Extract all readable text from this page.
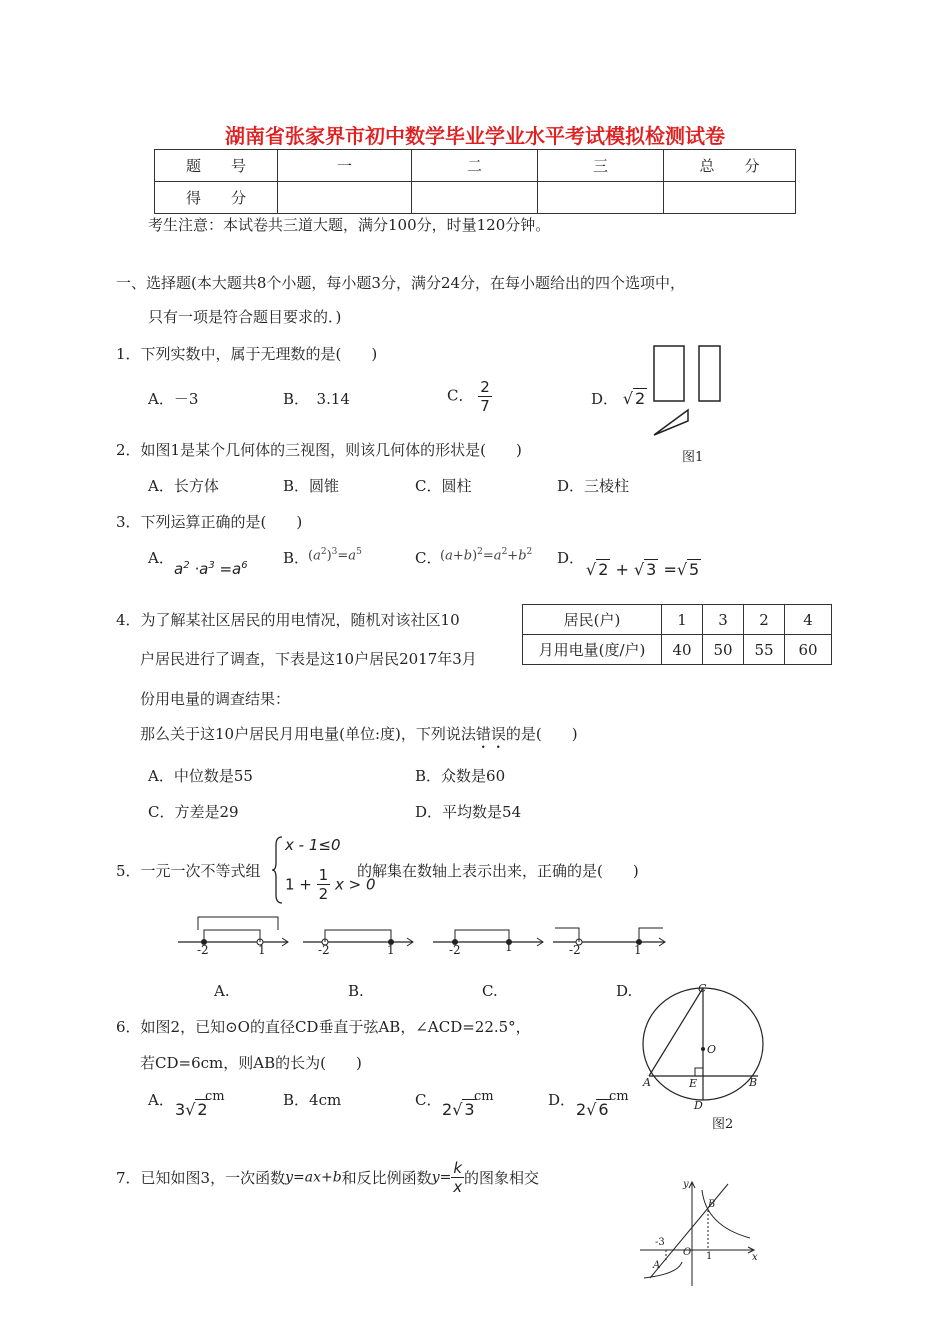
湖南省张家界市初中数学毕业学业水平考试模拟检测试卷
题　　号	一	二	三	总　　分
得　　分				
考生注意：本试卷共三道大题，满分100分，时量120分钟。
一、选择题(本大题共8个小题，每小题3分，满分24分，在每小题给出的四个选项中，
只有一项是符合题目要求的．)
1．下列实数中，属于无理数的是(　　)
A．－3	B．　3.14	C． $\frac{2}{7}$	D． √ 2
图1
2．如图1是某个几何体的三视图，则该几何体的形状是(　　)
A．长方体	B．圆锥	C．圆柱	D．三棱柱
3．下列运算正确的是(　　)
A．
$a^2 \cdot a^3 =a^6$ B．
$(a^2)^3=a^5$	C．
$(a+b)^2=a^2+b^2$ D．
√ 2 + √ 3 =√ 5
4．为了解某社区居民的用电情况，随机对该社区10
户居民进行了调查，下表是这10户居民2017年3月
份用电量的调查结果：
那么关于这10户居民月用电量(单位:度)，下列说法错误的是(　　)
居民(户)	1	3	2	4
月用电量(度/户)	40	50	55	60
A．中位数是55	B．众数是60
C．方差是29	D．平均数是54
5．一元一次不等式组
x - 1≤0
$1 + \frac{1}{2}$ x > 0
的解集在数轴上表示出来，正确的是(　　)
-2	1	-2	1	-2	1	-2	1
A.	B.	C.	D.
6．如图2，已知⊙O的直径CD垂直于弦AB，∠ACD=22.5°，
若CD=6cm，则AB的长为(　　)
A． 3√ 2
cm	B．4cm	C． 2√ 3
cm	D． 2√ 6
cm
C
O
A	E	B
D
图2
7．已知如图3，一次函数y=ax+b和反比例函数$y= \frac{k}{x}$ 的图象相交	y
B
-3
O
A
1	x
